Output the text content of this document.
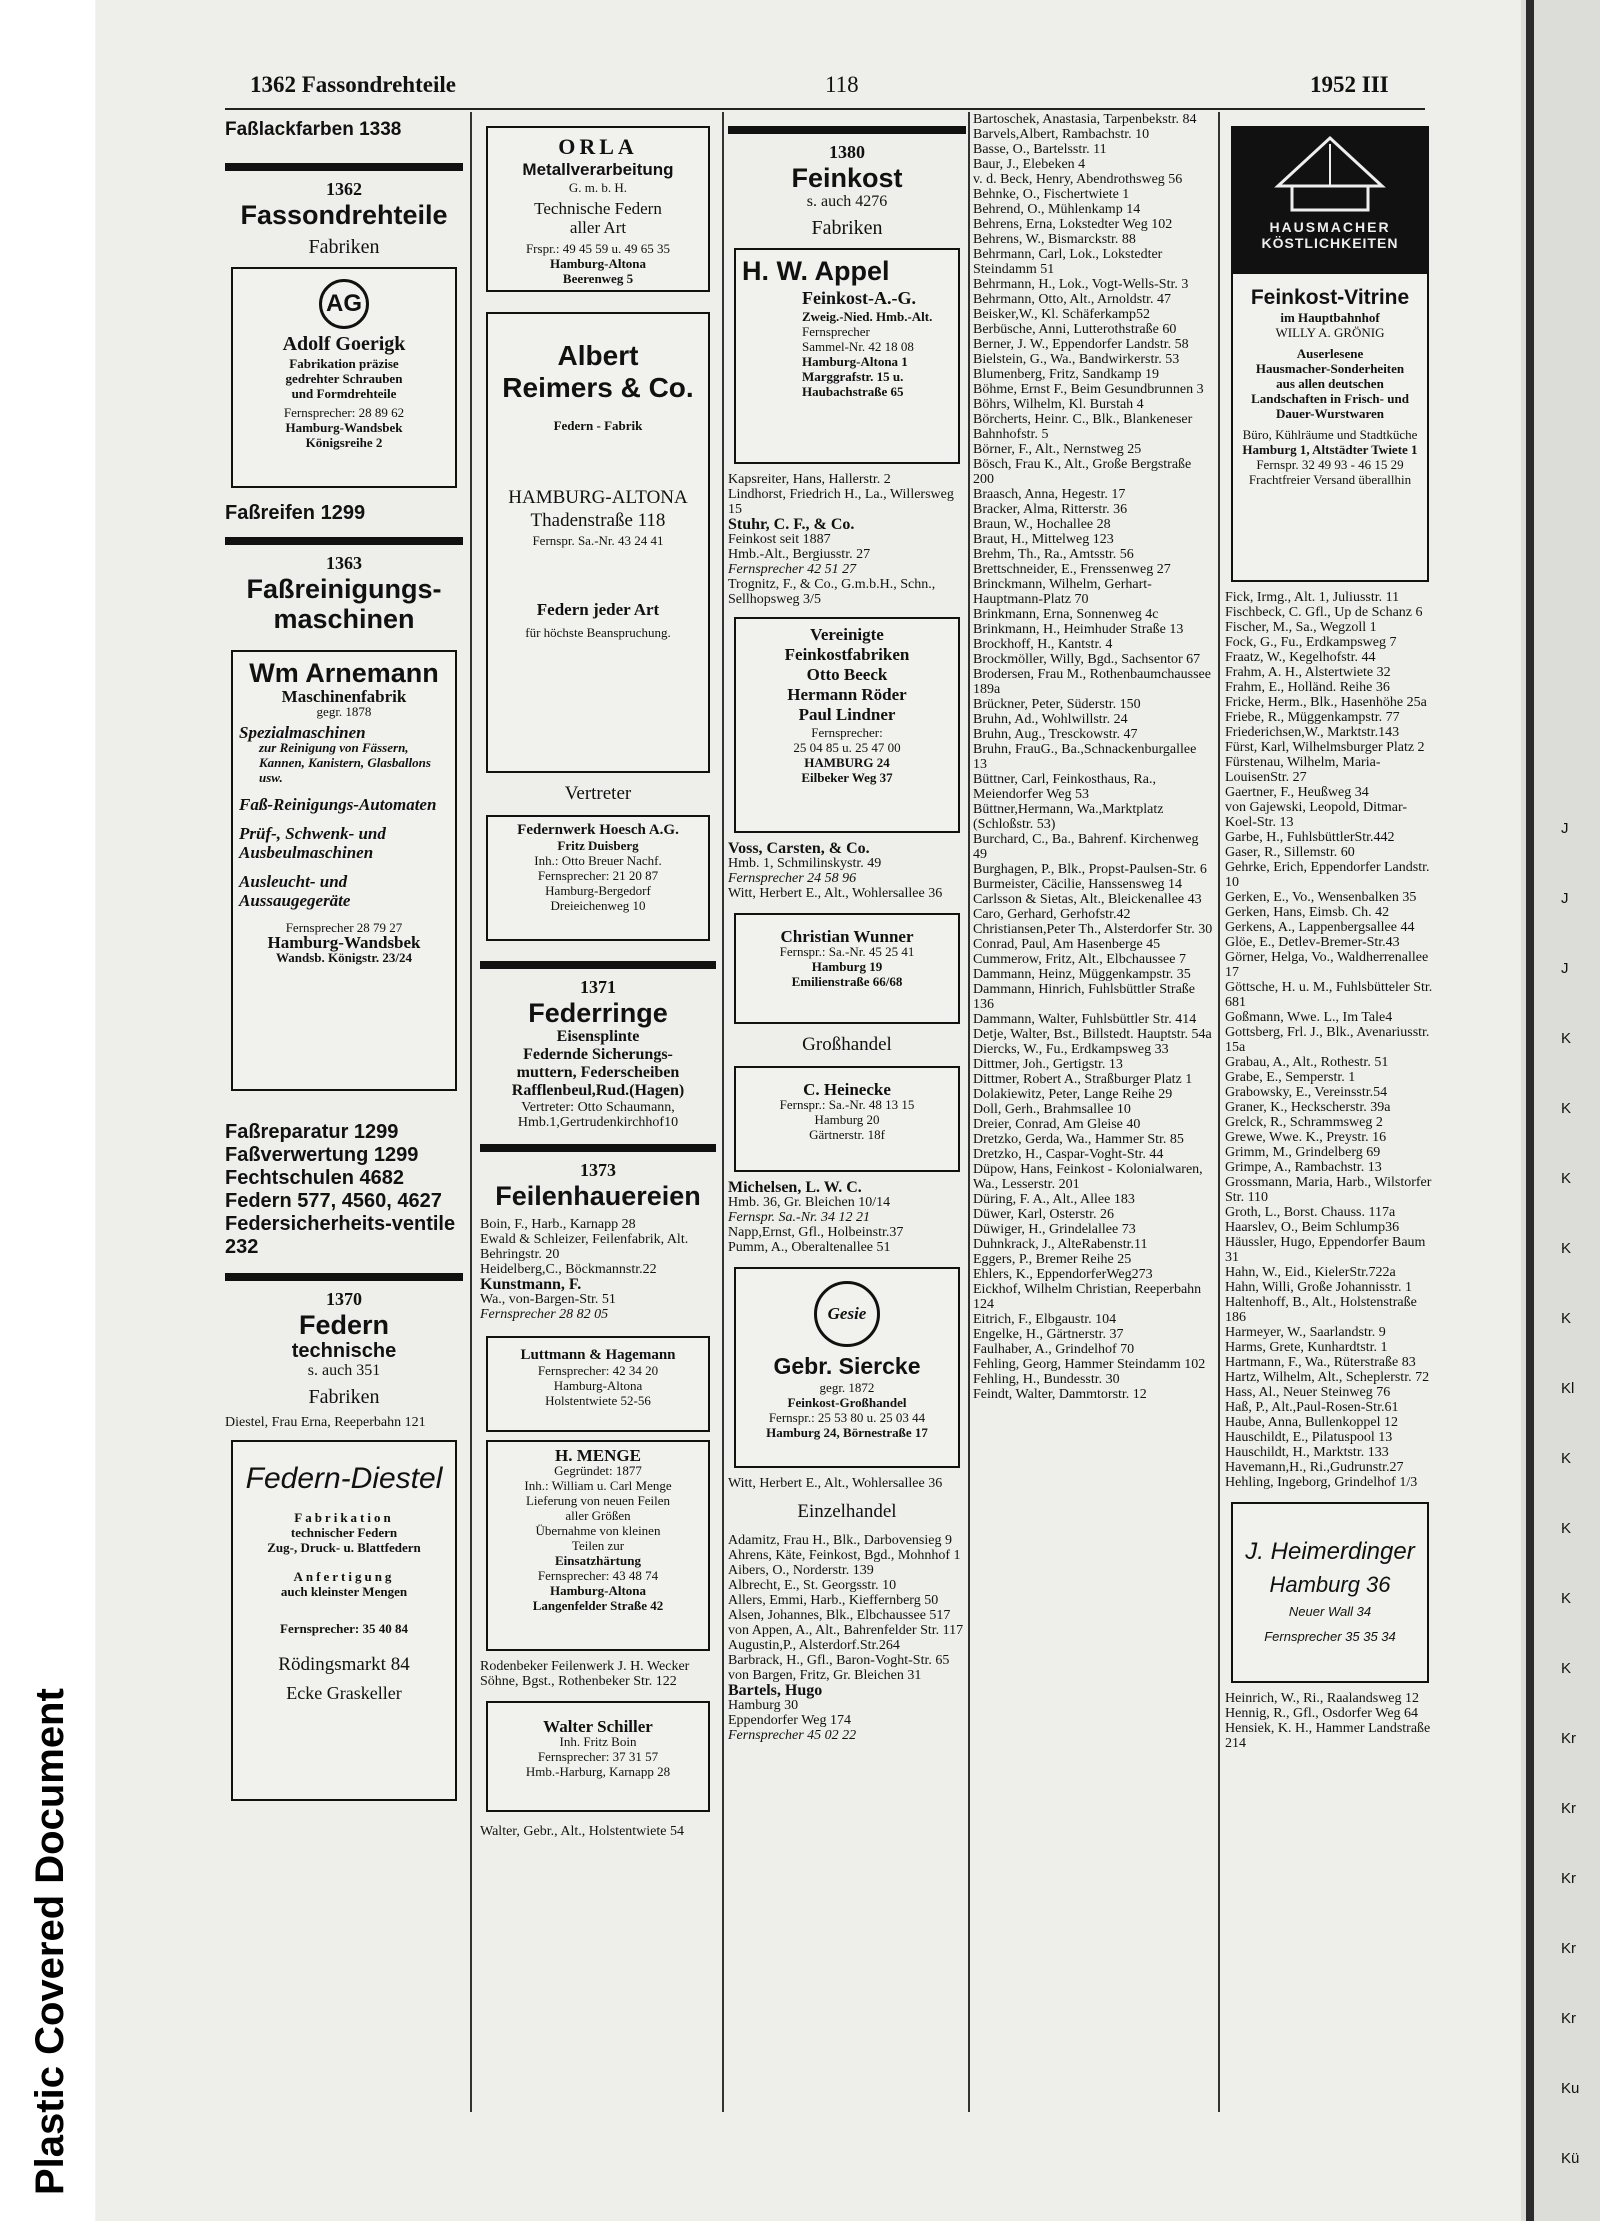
Plastic Covered Document
J
J
J
K
K
K
K
K
Kl
K
K
K
K
Kr
Kr
Kr
Kr
Kr
Ku
Kü
1362 Fassondrehteile	118	1952 III
Faßlackfarben 1338
1362
Fassondrehteile
Fabriken
AG
Adolf Goerigk
Fabrikation präzise
gedrehter Schrauben
und Formdrehteile
Fernsprecher: 28 89 62
Hamburg-Wandsbek
Königsreihe 2
Faßreifen 1299
1363
Faßreinigungs-maschinen
Wm Arnemann
Maschinenfabrik
gegr. 1878
Spezialmaschinen
zur Reinigung von Fässern, Kannen, Kanistern, Glasballons usw.
Faß-Reinigungs-Automaten
Prüf-, Schwenk- und Ausbeulmaschinen
Ausleucht- und Aussaugegeräte
Fernsprecher 28 79 27
Hamburg-Wandsbek
Wandsb. Königstr. 23/24
Faßreparatur 1299
Faßverwertung 1299
Fechtschulen 4682
Federn 577, 4560, 4627
Federsicherheits-ventile 232
1370
Federn
technische
s. auch 351
Fabriken
Diestel, Frau Erna, Reeperbahn 121
Federn-Diestel
Fabrikation
technischer Federn
Zug-, Druck- u. Blattfedern
Anfertigung
auch kleinster Mengen
Fernsprecher: 35 40 84
Rödingsmarkt 84
Ecke Graskeller
ORLA
Metallverarbeitung
G. m. b. H.
Technische Federn
aller Art
Frspr.: 49 45 59 u. 49 65 35
Hamburg-Altona
Beerenweg 5
Albert
Reimers & Co.
Federn - Fabrik
HAMBURG-ALTONA
Thadenstraße 118
Fernspr. Sa.-Nr. 43 24 41
Federn jeder Art
für höchste Beanspruchung.
Vertreter
Federnwerk Hoesch A.G.
Fritz Duisberg
Inh.: Otto Breuer Nachf.
Fernsprecher: 21 20 87
Hamburg-Bergedorf
Dreieichenweg 10
1371
Federringe
Eisensplinte
Federnde Sicherungs-
muttern, Federscheiben
Rafflenbeul,Rud.(Hagen)
Vertreter: Otto Schaumann,
Hmb.1,Gertrudenkirchhof10
1373
Feilenhauereien
Boin, F., Harb., Karnapp 28
Ewald & Schleizer, Feilenfabrik, Alt. Behringstr. 20
Heidelberg,C., Böckmannstr.22
Kunstmann, F.
Wa., von-Bargen-Str. 51
Fernsprecher 28 82 05
Luttmann & Hagemann
Fernsprecher: 42 34 20
Hamburg-Altona
Holstentwiete 52-56
H. MENGE
Gegründet: 1877
Inh.: William u. Carl Menge
Lieferung von neuen Feilen
aller Größen
Übernahme von kleinen
Teilen zur
Einsatzhärtung
Fernsprecher: 43 48 74
Hamburg-Altona
Langenfelder Straße 42
Rodenbeker Feilenwerk J. H. Wecker Söhne, Bgst., Rothenbeker Str. 122
Walter Schiller
Inh. Fritz Boin
Fernsprecher: 37 31 57
Hmb.-Harburg, Karnapp 28
Walter, Gebr., Alt., Holstentwiete 54
1380
Feinkost
s. auch 4276
Fabriken
H. W. Appel
Feinkost-A.-G.
Zweig.-Nied. Hmb.-Alt.
Fernsprecher
Sammel-Nr. 42 18 08
Hamburg-Altona 1
Marggrafstr. 15 u.
Haubachstraße 65
Kapsreiter, Hans, Hallerstr. 2
Lindhorst, Friedrich H., La., Willersweg 15
Stuhr, C. F., & Co.
Feinkost seit 1887
Hmb.-Alt., Bergiusstr. 27
Fernsprecher 42 51 27
Trognitz, F., & Co., G.m.b.H., Schn., Sellhopsweg 3/5
Vereinigte
Feinkostfabriken
Otto Beeck
Hermann Röder
Paul Lindner
Fernsprecher:
25 04 85 u. 25 47 00
HAMBURG 24
Eilbeker Weg 37
Voss, Carsten, & Co.
Hmb. 1, Schmilinskystr. 49
Fernsprecher 24 58 96
Witt, Herbert E., Alt., Wohlersallee 36
Christian Wunner
Fernspr.: Sa.-Nr. 45 25 41
Hamburg 19
Emilienstraße 66/68
Großhandel
C. Heinecke
Fernspr.: Sa.-Nr. 48 13 15
Hamburg 20
Gärtnerstr. 18f
Michelsen, L. W. C.
Hmb. 36, Gr. Bleichen 10/14
Fernspr. Sa.-Nr. 34 12 21
Napp,Ernst, Gfl., Holbeinstr.37
Pumm, A., Oberaltenallee 51
Gesie
Gebr. Siercke
gegr. 1872
Feinkost-Großhandel
Fernspr.: 25 53 80 u. 25 03 44
Hamburg 24, Börnestraße 17
Witt, Herbert E., Alt., Wohlersallee 36
Einzelhandel
Adamitz, Frau H., Blk., Darbovensieg 9
Ahrens, Käte, Feinkost, Bgd., Mohnhof 1
Aibers, O., Norderstr. 139
Albrecht, E., St. Georgsstr. 10
Allers, Emmi, Harb., Kieffernberg 50
Alsen, Johannes, Blk., Elbchaussee 517
von Appen, A., Alt., Bahrenfelder Str. 117
Augustin,P., Alsterdorf.Str.264
Barbrack, H., Gfl., Baron-Voght-Str. 65
von Bargen, Fritz, Gr. Bleichen 31
Bartels, Hugo
Hamburg 30
Eppendorfer Weg 174
Fernsprecher 45 02 22
Bartoschek, Anastasia, Tarpenbekstr. 84
Barvels,Albert, Rambachstr. 10
Basse, O., Bartelsstr. 11
Baur, J., Elebeken 4
v. d. Beck, Henry, Abendrothsweg 56
Behnke, O., Fischertwiete 1
Behrend, O., Mühlenkamp 14
Behrens, Erna, Lokstedter Weg 102
Behrens, W., Bismarckstr. 88
Behrmann, Carl, Lok., Lokstedter Steindamm 51
Behrmann, H., Lok., Vogt-Wells-Str. 3
Behrmann, Otto, Alt., Arnoldstr. 47
Beisker,W., Kl. Schäferkamp52
Berbüsche, Anni, Lutterothstraße 60
Berner, J. W., Eppendorfer Landstr. 58
Bielstein, G., Wa., Bandwirkerstr. 53
Blumenberg, Fritz, Sandkamp 19
Böhme, Ernst F., Beim Gesundbrunnen 3
Böhrs, Wilhelm, Kl. Burstah 4
Börcherts, Heinr. C., Blk., Blankeneser Bahnhofstr. 5
Börner, F., Alt., Nernstweg 25
Bösch, Frau K., Alt., Große Bergstraße 200
Braasch, Anna, Hegestr. 17
Bracker, Alma, Ritterstr. 36
Braun, W., Hochallee 28
Braut, H., Mittelweg 123
Brehm, Th., Ra., Amtsstr. 56
Brettschneider, E., Frenssenweg 27
Brinckmann, Wilhelm, Gerhart-Hauptmann-Platz 70
Brinkmann, Erna, Sonnenweg 4c
Brinkmann, H., Heimhuder Straße 13
Brockhoff, H., Kantstr. 4
Brockmöller, Willy, Bgd., Sachsentor 67
Brodersen, Frau M., Rothenbaumchaussee 189a
Brückner, Peter, Süderstr. 150
Bruhn, Ad., Wohlwillstr. 24
Bruhn, Aug., Tresckowstr. 47
Bruhn, FrauG., Ba.,Schnackenburgallee 13
Büttner, Carl, Feinkosthaus, Ra., Meiendorfer Weg 53
Büttner,Hermann, Wa.,Marktplatz (Schloßstr. 53)
Burchard, C., Ba., Bahrenf. Kirchenweg 49
Burghagen, P., Blk., Propst-Paulsen-Str. 6
Burmeister, Cäcilie, Hanssensweg 14
Carlsson & Sietas, Alt., Bleickenallee 43
Caro, Gerhard, Gerhofstr.42
Christiansen,Peter Th., Alsterdorfer Str. 30
Conrad, Paul, Am Hasenberge 45
Cummerow, Fritz, Alt., Elbchaussee 7
Dammann, Heinz, Müggenkampstr. 35
Dammann, Hinrich, Fuhlsbüttler Straße 136
Dammann, Walter, Fuhlsbüttler Str. 414
Detje, Walter, Bst., Billstedt. Hauptstr. 54a
Diercks, W., Fu., Erdkampsweg 33
Dittmer, Joh., Gertigstr. 13
Dittmer, Robert A., Straßburger Platz 1
Dolakiewitz, Peter, Lange Reihe 29
Doll, Gerh., Brahmsallee 10
Dreier, Conrad, Am Gleise 40
Dretzko, Gerda, Wa., Hammer Str. 85
Dretzko, H., Caspar-Voght-Str. 44
Düpow, Hans, Feinkost - Kolonialwaren, Wa., Lesserstr. 201
Düring, F. A., Alt., Allee 183
Düwer, Karl, Osterstr. 26
Düwiger, H., Grindelallee 73
Duhnkrack, J., AlteRabenstr.11
Eggers, P., Bremer Reihe 25
Ehlers, K., EppendorferWeg273
Eickhof, Wilhelm Christian, Reeperbahn 124
Eitrich, F., Elbgaustr. 104
Engelke, H., Gärtnerstr. 37
Faulhaber, A., Grindelhof 70
Fehling, Georg, Hammer Steindamm 102
Fehling, H., Bundesstr. 30
Feindt, Walter, Dammtorstr. 12
HAUSMACHER
KÖSTLICHKEITEN
Feinkost-Vitrine
im Hauptbahnhof
WILLY A. GRÖNIG
Auserlesene
Hausmacher-Sonderheiten
aus allen deutschen Landschaften in Frisch- und Dauer-Wurstwaren
Büro, Kühlräume und Stadtküche
Hamburg 1, Altstädter Twiete 1
Fernspr. 32 49 93 - 46 15 29
Frachtfreier Versand überallhin
Fick, Irmg., Alt. 1, Juliusstr. 11
Fischbeck, C. Gfl., Up de Schanz 6
Fischer, M., Sa., Wegzoll 1
Fock, G., Fu., Erdkampsweg 7
Fraatz, W., Kegelhofstr. 44
Frahm, A. H., Alstertwiete 32
Frahm, E., Holländ. Reihe 36
Fricke, Herm., Blk., Hasenhöhe 25a
Friebe, R., Müggenkampstr. 77
Friederichsen,W., Marktstr.143
Fürst, Karl, Wilhelmsburger Platz 2
Fürstenau, Wilhelm, Maria-LouisenStr. 27
Gaertner, F., Heußweg 34
von Gajewski, Leopold, Ditmar-Koel-Str. 13
Garbe, H., FuhlsbüttlerStr.442
Gaser, R., Sillemstr. 60
Gehrke, Erich, Eppendorfer Landstr. 10
Gerken, E., Vo., Wensenbalken 35
Gerken, Hans, Eimsb. Ch. 42
Gerkens, A., Lappenbergsallee 44
Glöe, E., Detlev-Bremer-Str.43
Görner, Helga, Vo., Waldherrenallee 17
Göttsche, H. u. M., Fuhlsbütteler Str. 681
Goßmann, Wwe. L., Im Tale4
Gottsberg, Frl. J., Blk., Avenariusstr. 15a
Grabau, A., Alt., Rothestr. 51
Grabe, E., Semperstr. 1
Grabowsky, E., Vereinsstr.54
Graner, K., Heckscherstr. 39a
Grelck, R., Schrammsweg 2
Grewe, Wwe. K., Preystr. 16
Grimm, M., Grindelberg 69
Grimpe, A., Rambachstr. 13
Grossmann, Maria, Harb., Wilstorfer Str. 110
Groth, L., Borst. Chauss. 117a
Haarslev, O., Beim Schlump36
Häussler, Hugo, Eppendorfer Baum 31
Hahn, W., Eid., KielerStr.722a
Hahn, Willi, Große Johannisstr. 1
Haltenhoff, B., Alt., Holstenstraße 186
Harmeyer, W., Saarlandstr. 9
Harms, Grete, Kunhardtstr. 1
Hartmann, F., Wa., Rüterstraße 83
Hartz, Wilhelm, Alt., Scheplerstr. 72
Hass, Al., Neuer Steinweg 76
Haß, P., Alt.,Paul-Rosen-Str.61
Haube, Anna, Bullenkoppel 12
Hauschildt, E., Pilatuspool 13
Hauschildt, H., Marktstr. 133
Havemann,H., Ri.,Gudrunstr.27
Hehling, Ingeborg, Grindelhof 1/3
J. Heimerdinger
Hamburg 36
Neuer Wall 34
Fernsprecher 35 35 34
Heinrich, W., Ri., Raalandsweg 12
Hennig, R., Gfl., Osdorfer Weg 64
Hensiek, K. H., Hammer Landstraße 214
